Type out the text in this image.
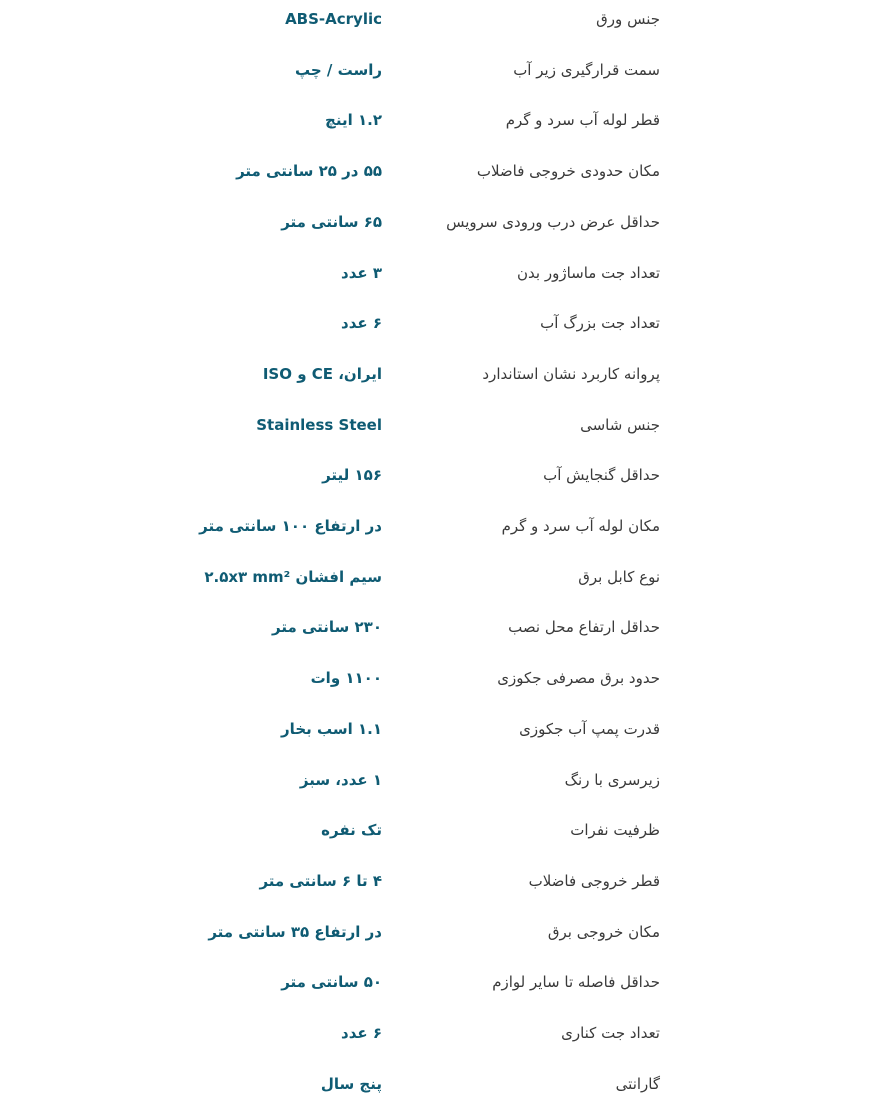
جنس ورق
ABS-Acrylic
سمت قرارگیری زیر آب
راست / چپ
قطر لوله آب سرد و گرم
۱.۲ اینچ
مکان حدودی خروجی فاضلاب
۵۵ در ۲۵ سانتی متر
حداقل عرض درب ورودی سرویس
۶۵ سانتی متر
تعداد جت ماساژور بدن
۳ عدد
تعداد جت بزرگ آب
۶ عدد
پروانه کاربرد نشان استاندارد
ایران، CE و ISO
جنس شاسی
Stainless Steel
حداقل گنجایش آب
۱۵۶ لیتر
مکان لوله آب سرد و گرم
در ارتفاع ۱۰۰ سانتی متر
نوع کابل برق
سیم افشان ۲.۵x۳ mm²
حداقل ارتفاع محل نصب
۲۳۰ سانتی متر
حدود برق مصرفی جکوزی
۱۱۰۰ وات
قدرت پمپ آب جکوزی
۱.۱ اسب بخار
زیرسری با رنگ
۱ عدد، سبز
ظرفیت نفرات
تک نفره
قطر خروجی فاضلاب
۴ تا ۶ سانتی متر
مکان خروجی برق
در ارتفاع ۳۵ سانتی متر
حداقل فاصله تا سایر لوازم
۵۰ سانتی متر
تعداد جت کناری
۶ عدد
گارانتی
پنج سال
